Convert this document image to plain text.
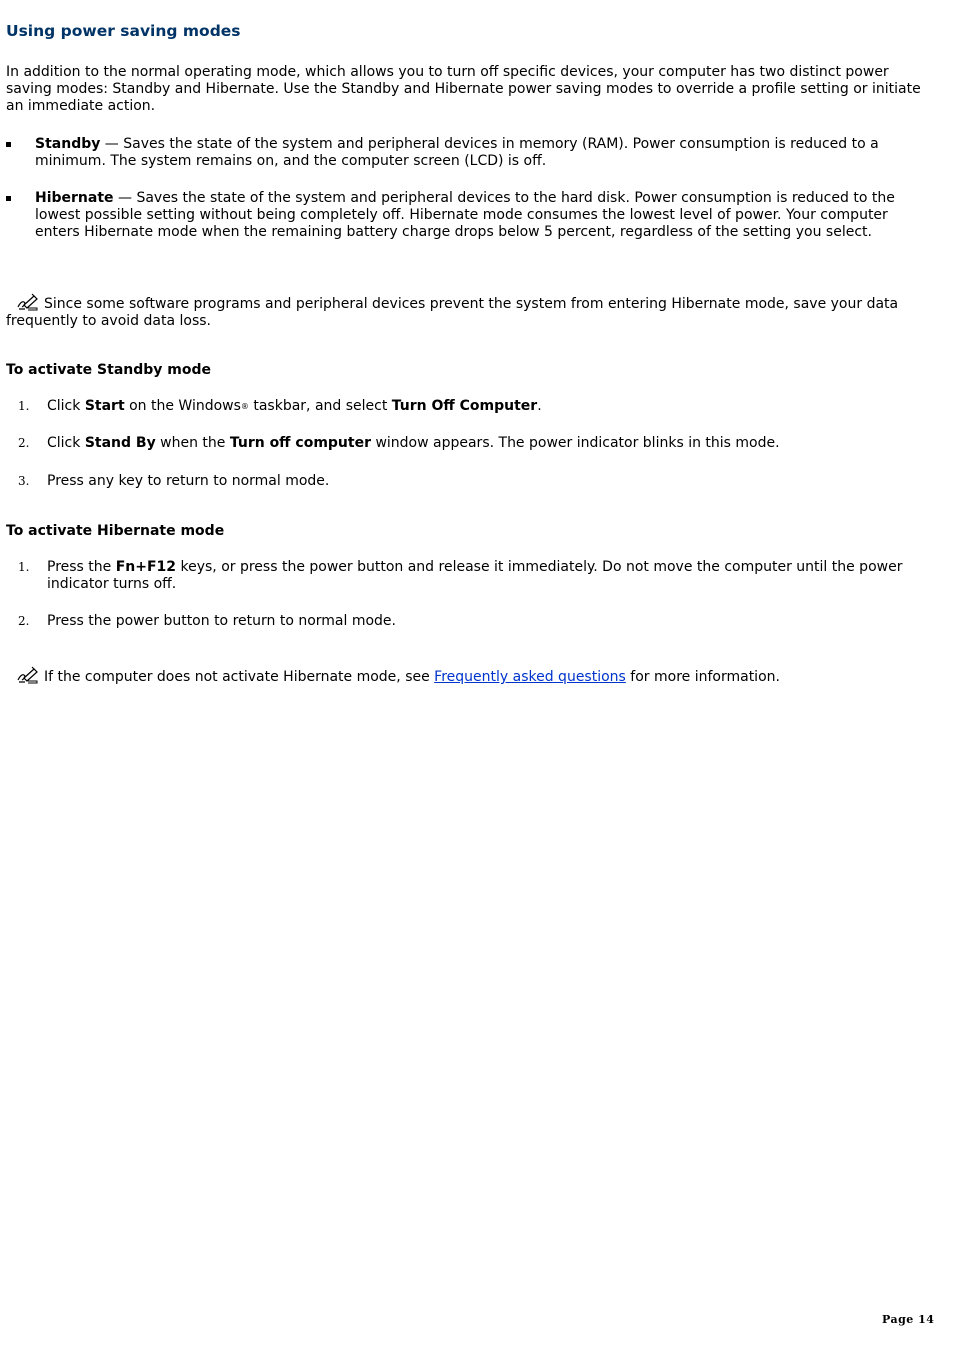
Using power saving modes

In addition to the normal operating mode, which allows you to turn off specific devices, your computer has two distinct power saving modes: Standby and Hibernate. Use the Standby and Hibernate power saving modes to override a profile setting or initiate an immediate action.

Standby — Saves the state of the system and peripheral devices in memory (RAM). Power consumption is reduced to a minimum. The system remains on, and the computer screen (LCD) is off.
Hibernate — Saves the state of the system and peripheral devices to the hard disk. Power consumption is reduced to the lowest possible setting without being completely off. Hibernate mode consumes the lowest level of power. Your computer enters Hibernate mode when the remaining battery charge drops below 5 percent, regardless of the setting you select.
Since some software programs and peripheral devices prevent the system from entering Hibernate mode, save your data frequently to avoid data loss.
To activate Standby mode
1. Click Start on the Windows® taskbar, and select Turn Off Computer.
2. Click Stand By when the Turn off computer window appears. The power indicator blinks in this mode.
3. Press any key to return to normal mode.
To activate Hibernate mode
1. Press the Fn+F12 keys, or press the power button and release it immediately. Do not move the computer until the power indicator turns off.
2. Press the power button to return to normal mode.
If the computer does not activate Hibernate mode, see Frequently asked questions for more information.
Page 14
